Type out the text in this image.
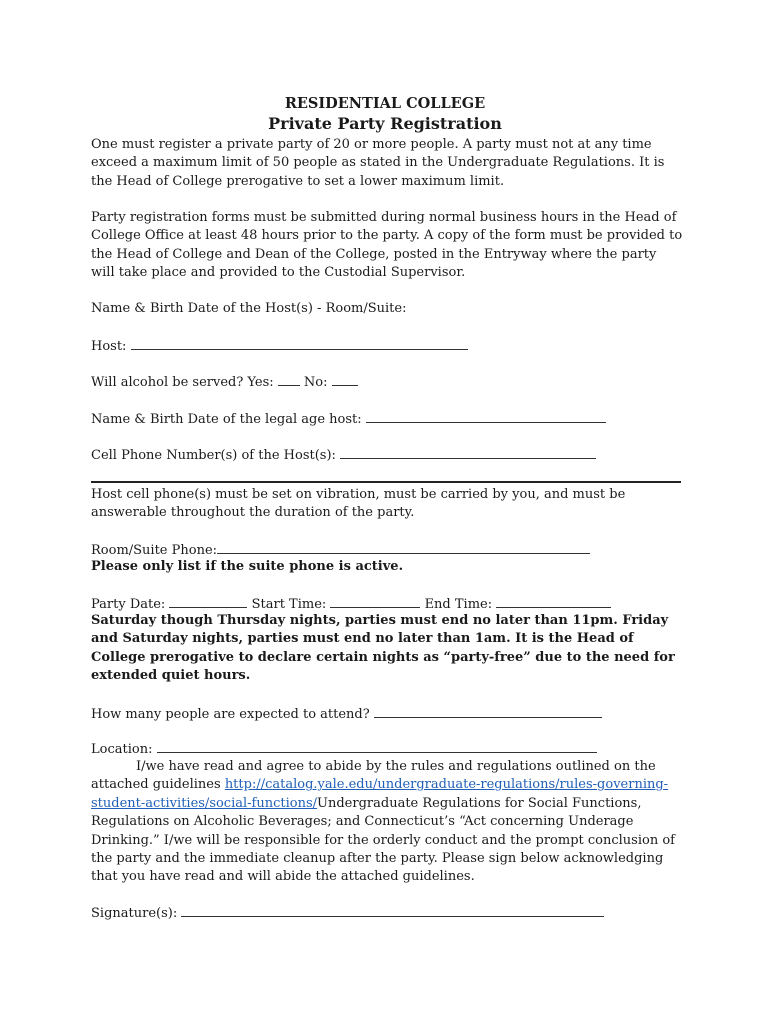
RESIDENTIAL COLLEGE

Private Party Registration

One must register a private party of 20 or more people. A party must not at any time exceed a maximum limit of 50 people as stated in the Undergraduate Regulations. It is the Head of College prerogative to set a lower maximum limit.

Party registration forms must be submitted during normal business hours in the Head of College Office at least 48 hours prior to the party. A copy of the form must be provided to the Head of College and Dean of the College, posted in the Entryway where the party will take place and provided to the Custodial Supervisor.

Name & Birth Date of the Host(s) - Room/Suite:

Host:

Will alcohol be served? Yes: No:

Name & Birth Date of the legal age host:

Cell Phone Number(s) of the Host(s):

Host cell phone(s) must be set on vibration, must be carried by you, and must be answerable throughout the duration of the party.

Room/Suite Phone:

Please only list if the suite phone is active.

Party Date:	Start Time:	End Time:

Saturday though Thursday nights, parties must end no later than 11pm. Friday and Saturday nights, parties must end no later than 1am. It is the Head of College prerogative to declare certain nights as “party-free” due to the need for extended quiet hours.

How many people are expected to attend?

Location:

I/we have read and agree to abide by the rules and regulations outlined on the attached guidelines http://catalog.yale.edu/undergraduate-regulations/rules-governing-student-activities/social-functions/Undergraduate Regulations for Social Functions, Regulations on Alcoholic Beverages; and Connecticut’s “Act concerning Underage Drinking.” I/we will be responsible for the orderly conduct and the prompt conclusion of the party and the immediate cleanup after the party. Please sign below acknowledging that you have read and will abide the attached guidelines.

Signature(s):
